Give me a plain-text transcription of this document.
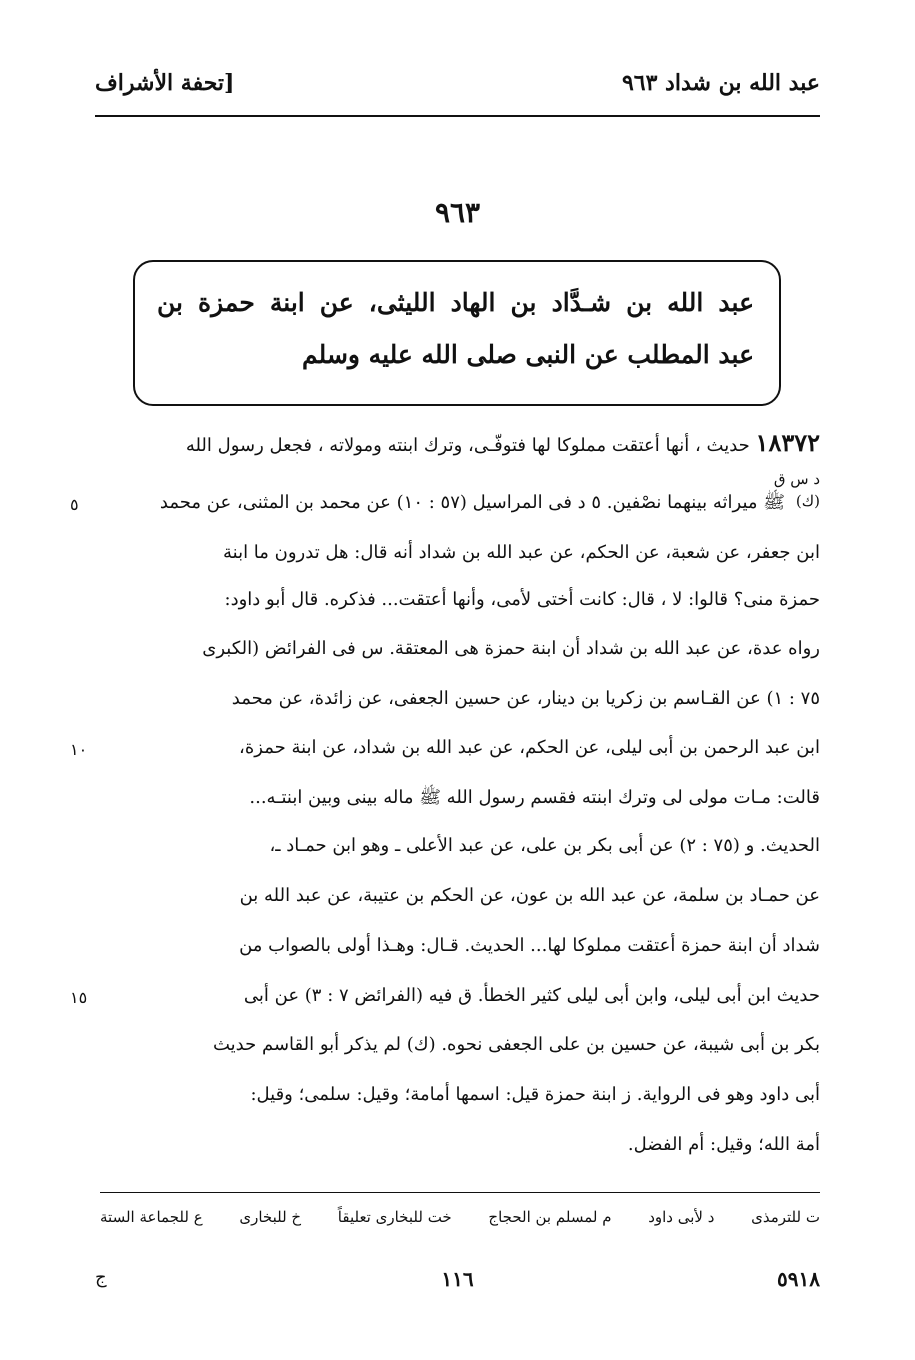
عبد الله بن شداد ٩٦٣
[تحفة الأشراف
٩٦٣
عبد الله بن شـدَّاد بن الهاد الليثى، عن ابنة حمزة بن
عبد المطلب عن النبى صلى الله عليه وسلم
١٨٣٧٢ حديث ، أنها أعتقت مملوكا لها فتوفّـى، وترك ابنته ومولاته ، فجعل رسول الله
د س ق
(ك)
ﷺ ميراثه بينهما نصْفين. ٥ د فى المراسيل (٥٧ : ١٠) عن محمد بن المثنى، عن محمد
ابن جعفر، عن شعبة، عن الحكم، عن عبد الله بن شداد أنه قال: هل تدرون ما ابنة
حمزة منى؟ قالوا: لا ، قال: كانت أختى لأمى، وأنها أعتقت... فذكره. قال أبو داود:
رواه عدة، عن عبد الله بن شداد أن ابنة حمزة هى المعتقة. س فى الفرائض (الكبرى
٧٥ : ١) عن القـاسم بن زكريا بن دينار، عن حسين الجعفى، عن زائدة، عن محمد
ابن عبد الرحمن بن أبى ليلى، عن الحكم، عن عبد الله بن شداد، عن ابنة حمزة،
قالت: مـات مولى لى وترك ابنته فقسم رسول الله ﷺ ماله بينى وبين ابنتـه...
الحديث. و (٧٥ : ٢) عن أبى بكر بن على، عن عبد الأعلى ـ وهو ابن حمـاد ـ،
عن حمـاد بن سلمة، عن عبد الله بن عون، عن الحكم بن عتيبة، عن عبد الله بن
شداد أن ابنة حمزة أعتقت مملوكا لها... الحديث. قـال: وهـذا أولى بالصواب من
حديث ابن أبى ليلى، وابن أبى ليلى كثير الخطأ. ق فيه (الفرائض ٧ : ٣) عن أبى
بكر بن أبى شيبة، عن حسين بن على الجعفى نحوه. (ك) لم يذكر أبو القاسم حديث
أبى داود وهو فى الرواية. ز ابنة حمزة قيل: اسمها أمامة؛ وقيل: سلمى؛ وقيل:
أمة الله؛ وقيل: أم الفضل.
٥
١٠
١٥
ع للجماعة الستة خ للبخارى خت للبخارى تعليقاً م لمسلم بن الحجاج د لأبى داود ت للترمذى
٥٩١٨
١١٦
ج
